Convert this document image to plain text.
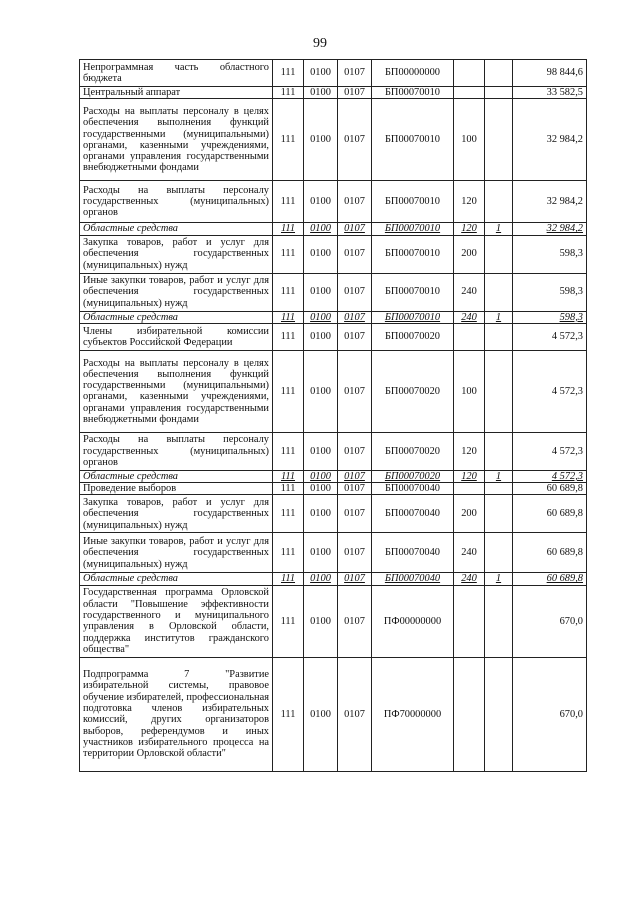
99
Непрограммная часть областного бюджета	111	0100	0107	БП00000000			98 844,6
Центральный аппарат	111	0100	0107	БП00070010			33 582,5
Расходы на выплаты персоналу в целях обеспечения выполнения функций государственными (муниципальными) органами, казенными учреждениями, органами управления государственными внебюджетными фондами	111	0100	0107	БП00070010	100		32 984,2
Расходы на выплаты персоналу государственных (муниципальных) органов	111	0100	0107	БП00070010	120		32 984,2
Областные средства	111	0100	0107	БП00070010	120	1	32 984,2
Закупка товаров, работ и услуг для обеспечения государственных (муниципальных) нужд	111	0100	0107	БП00070010	200		598,3
Иные закупки товаров, работ и услуг для обеспечения государственных (муниципальных) нужд	111	0100	0107	БП00070010	240		598,3
Областные средства	111	0100	0107	БП00070010	240	1	598,3
Члены избирательной комиссии субъектов Российской Федерации	111	0100	0107	БП00070020			4 572,3
Расходы на выплаты персоналу в целях обеспечения выполнения функций государственными (муниципальными) органами, казенными учреждениями, органами управления государственными внебюджетными фондами	111	0100	0107	БП00070020	100		4 572,3
Расходы на выплаты персоналу государственных (муниципальных) органов	111	0100	0107	БП00070020	120		4 572,3
Областные средства	111	0100	0107	БП00070020	120	1	4 572,3
Проведение выборов	111	0100	0107	БП00070040			60 689,8
Закупка товаров, работ и услуг для обеспечения государственных (муниципальных) нужд	111	0100	0107	БП00070040	200		60 689,8
Иные закупки товаров, работ и услуг для обеспечения государственных (муниципальных) нужд	111	0100	0107	БП00070040	240		60 689,8
Областные средства	111	0100	0107	БП00070040	240	1	60 689,8
Государственная программа Орловской области "Повышение эффективности государственного и муниципального управления в Орловской области, поддержка институтов гражданского общества"	111	0100	0107	ПФ00000000			670,0
Подпрограмма 7 "Развитие избирательной системы, правовое обучение избирателей, профессиональная подготовка членов избирательных комиссий, других организаторов выборов, референдумов и иных участников избирательного процесса на территории Орловской области"	111	0100	0107	ПФ70000000			670,0
